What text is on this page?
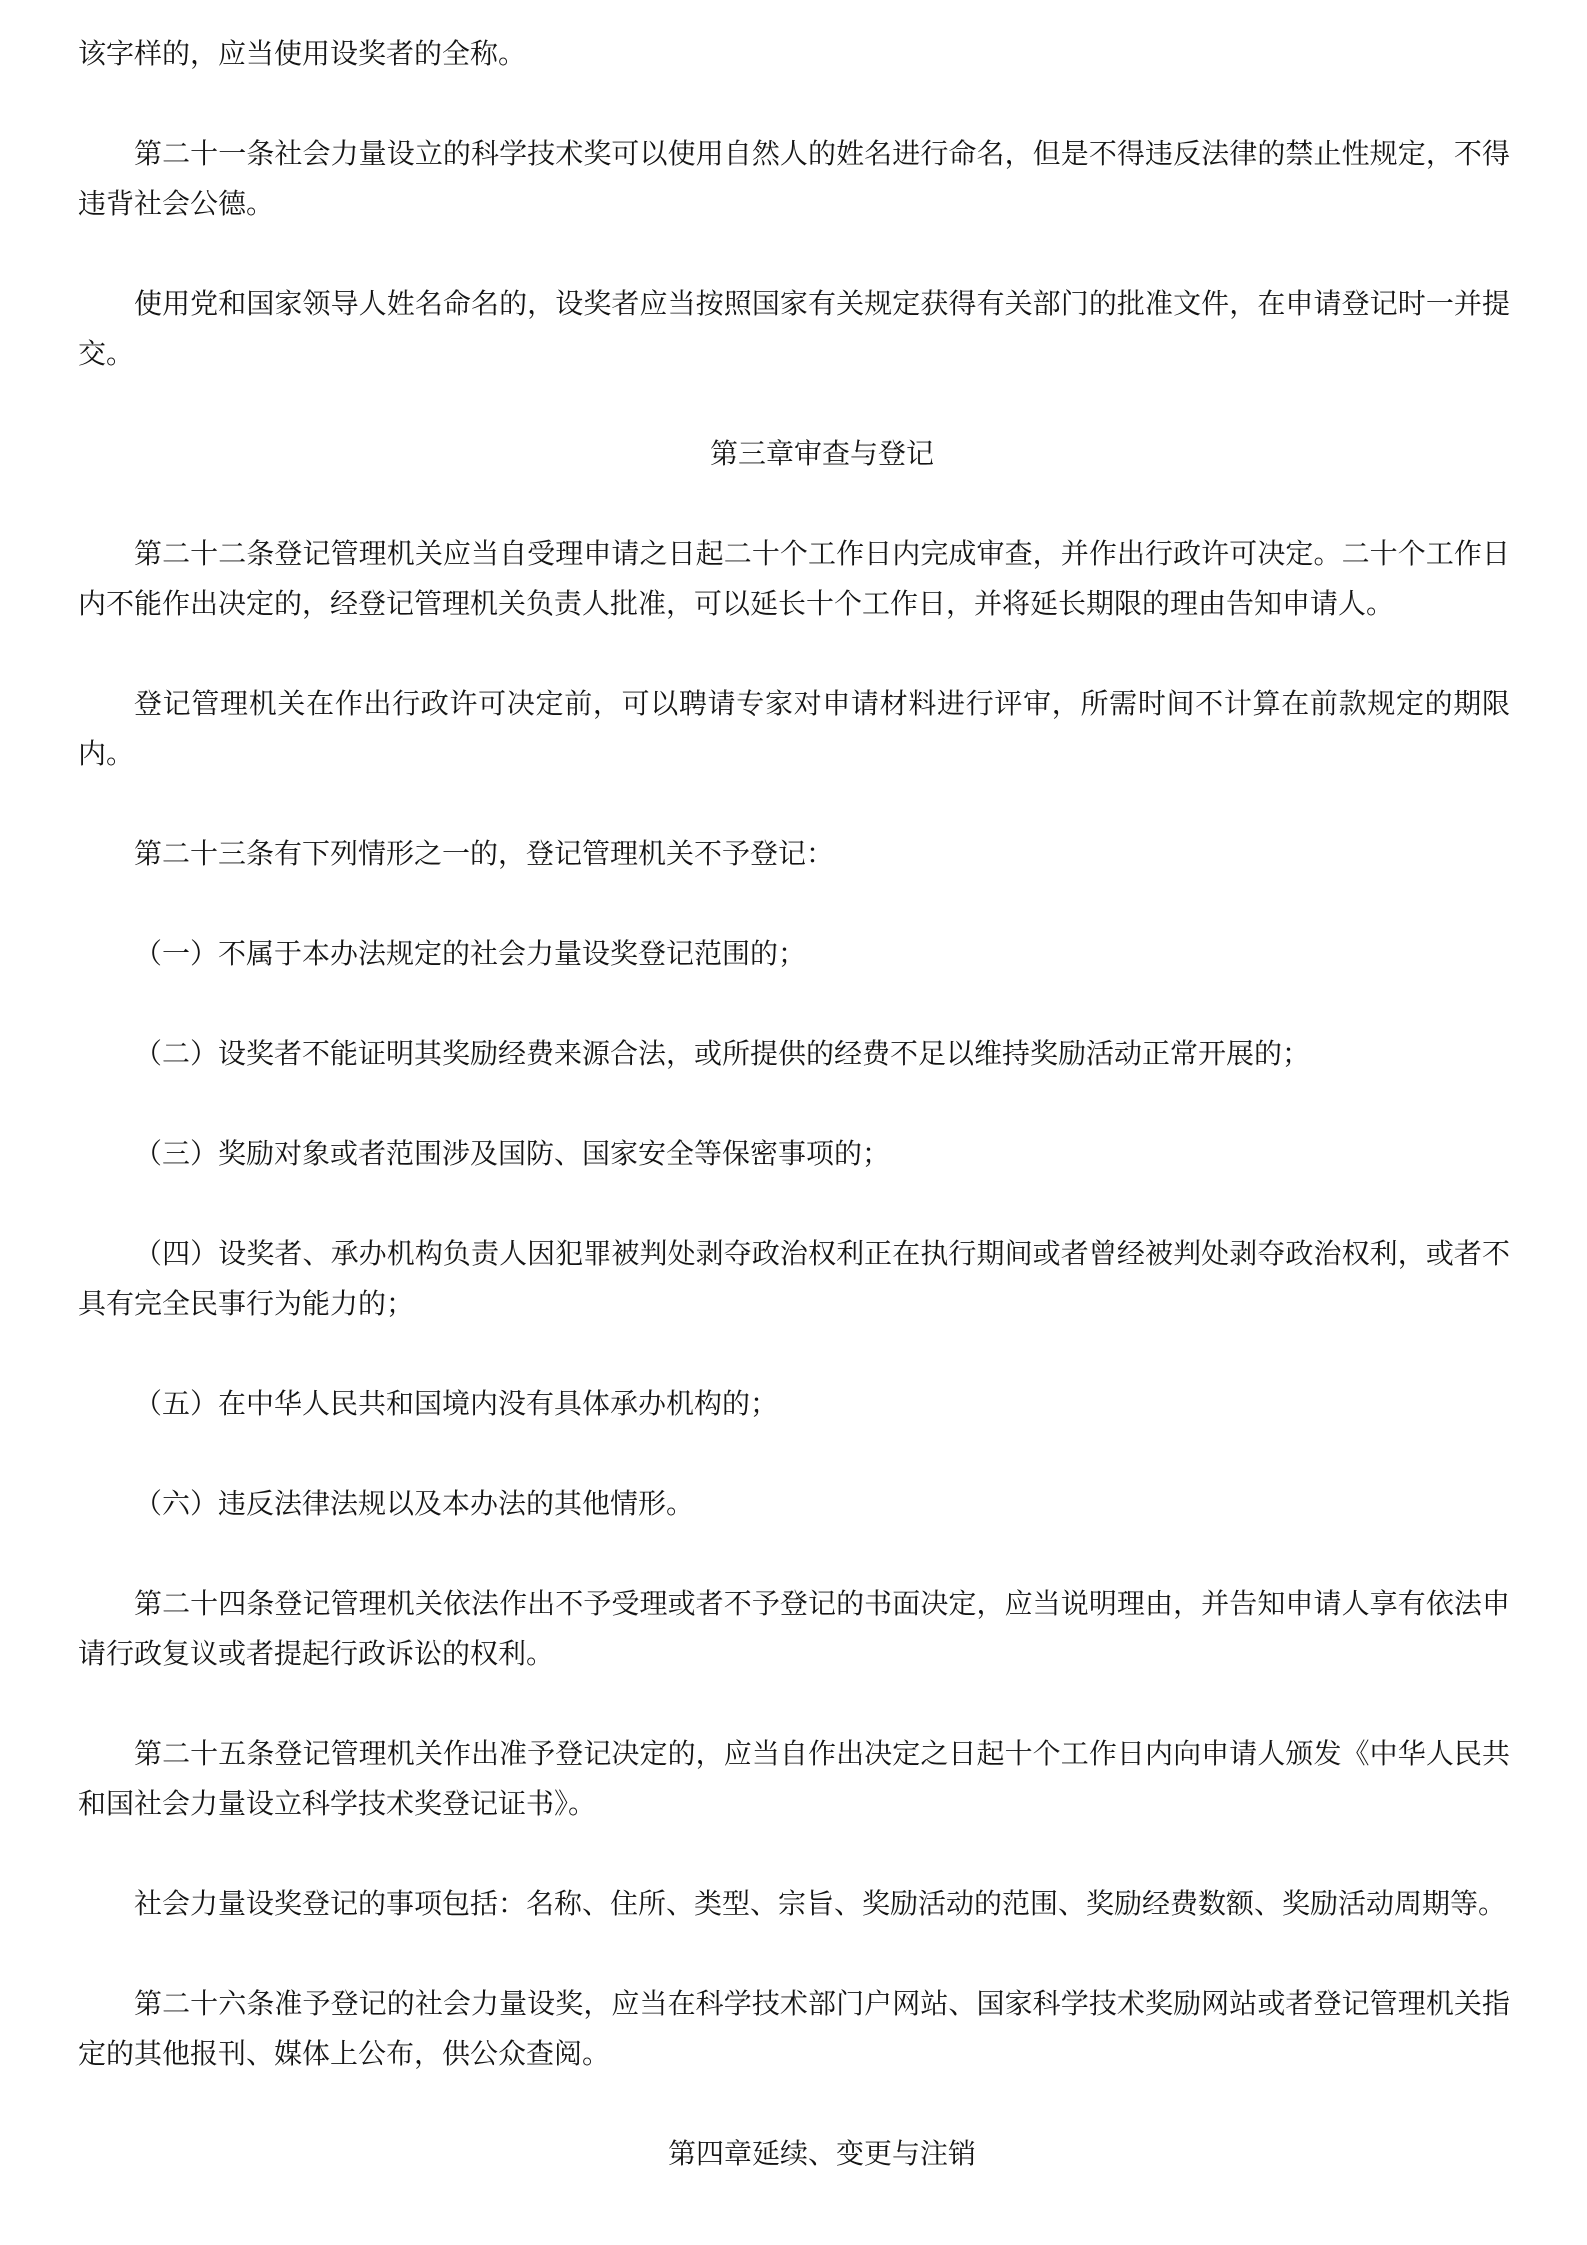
该字样的，应当使用设奖者的全称。

第二十一条社会力量设立的科学技术奖可以使用自然人的姓名进行命名，但是不得违反法律的禁止性规定，不得违背社会公德。

使用党和国家领导人姓名命名的，设奖者应当按照国家有关规定获得有关部门的批准文件，在申请登记时一并提交。

第三章审查与登记

第二十二条登记管理机关应当自受理申请之日起二十个工作日内完成审查，并作出行政许可决定。二十个工作日内不能作出决定的，经登记管理机关负责人批准，可以延长十个工作日，并将延长期限的理由告知申请人。

登记管理机关在作出行政许可决定前，可以聘请专家对申请材料进行评审，所需时间不计算在前款规定的期限内。

第二十三条有下列情形之一的，登记管理机关不予登记：

（一）不属于本办法规定的社会力量设奖登记范围的；

（二）设奖者不能证明其奖励经费来源合法，或所提供的经费不足以维持奖励活动正常开展的；

（三）奖励对象或者范围涉及国防、国家安全等保密事项的；

（四）设奖者、承办机构负责人因犯罪被判处剥夺政治权利正在执行期间或者曾经被判处剥夺政治权利，或者不具有完全民事行为能力的；

（五）在中华人民共和国境内没有具体承办机构的；

（六）违反法律法规以及本办法的其他情形。

第二十四条登记管理机关依法作出不予受理或者不予登记的书面决定，应当说明理由，并告知申请人享有依法申请行政复议或者提起行政诉讼的权利。

第二十五条登记管理机关作出准予登记决定的，应当自作出决定之日起十个工作日内向申请人颁发《中华人民共和国社会力量设立科学技术奖登记证书》。

社会力量设奖登记的事项包括：名称、住所、类型、宗旨、奖励活动的范围、奖励经费数额、奖励活动周期等。

第二十六条准予登记的社会力量设奖，应当在科学技术部门户网站、国家科学技术奖励网站或者登记管理机关指定的其他报刊、媒体上公布，供公众查阅。

第四章延续、变更与注销
